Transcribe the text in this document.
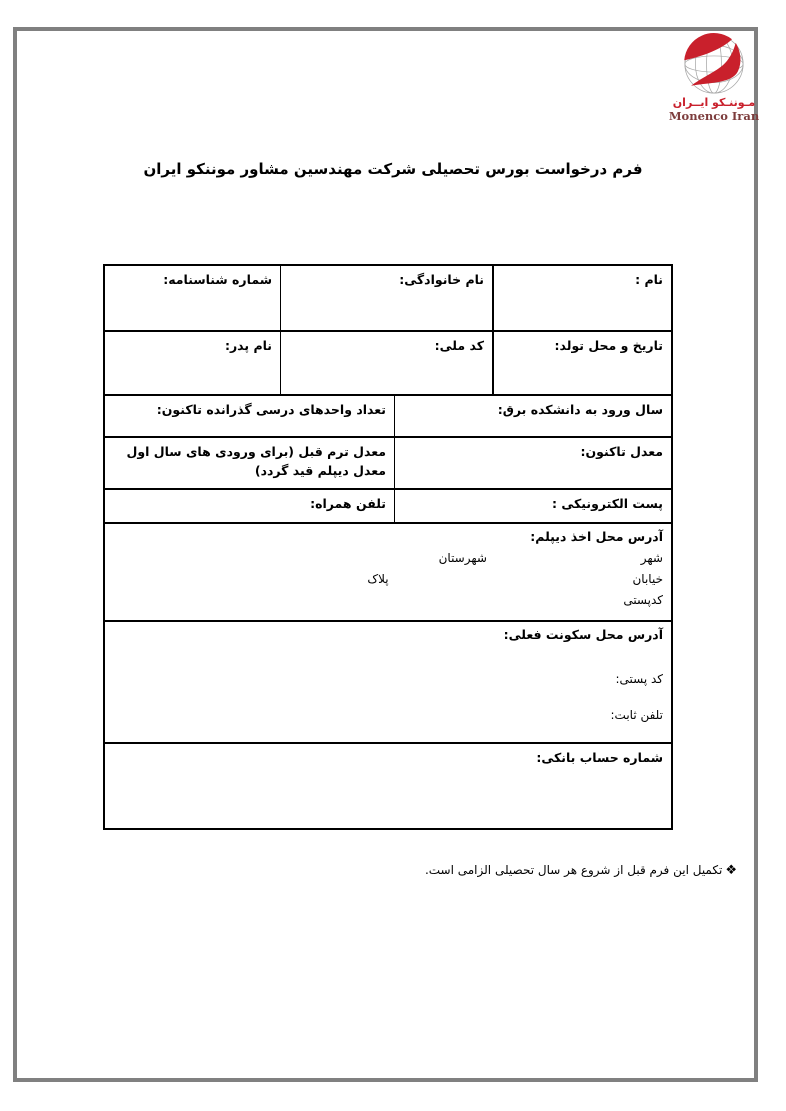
مـوننـكو ايــران
Monenco Iran
فرم درخواست بورس تحصیلی شرکت مهندسین مشاور موننکو ایران
نام :
نام خانوادگی:
شماره شناسنامه:
تاریخ و محل تولد:
کد ملی:
نام پدر:
سال ورود به دانشکده برق:
تعداد واحدهای درسی گذرانده تاکنون:
معدل تاکنون:
معدل ترم قبل (برای ورودی های سال اول معدل دیپلم قید گردد)
پست الکترونیکی :
تلفن همراه:
آدرس محل اخذ دیپلم:
شهر شهرستان
خیابان پلاک
کدپستی
آدرس محل سکونت فعلی:
کد پستی:
تلفن ثابت:
شماره حساب بانکی:
❖تکمیل این فرم قبل از شروع هر سال تحصیلی الزامی است.
